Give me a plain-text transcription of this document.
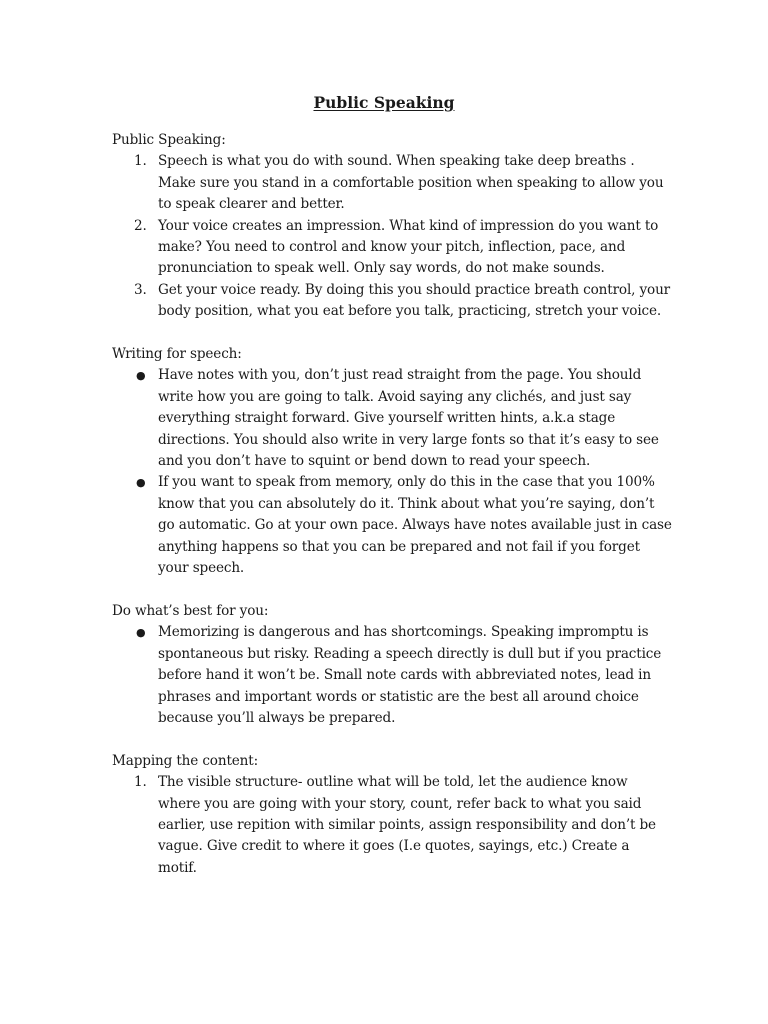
Public Speaking

Public Speaking:

1. Speech is what you do with sound. When speaking take deep breaths . Make sure you stand in a comfortable position when speaking to allow you to speak clearer and better.
2. Your voice creates an impression. What kind of impression do you want to make? You need to control and know your pitch, inflection, pace, and pronunciation to speak well. Only say words, do not make sounds.
3. Get your voice ready. By doing this you should practice breath control, your body position, what you eat before you talk, practicing, stretch your voice.

Writing for speech:

● Have notes with you, don’t just read straight from the page. You should write how you are going to talk. Avoid saying any clichés, and just say everything straight forward. Give yourself written hints, a.k.a stage directions. You should also write in very large fonts so that it’s easy to see and you don’t have to squint or bend down to read your speech.
● If you want to speak from memory, only do this in the case that you 100% know that you can absolutely do it. Think about what you’re saying, don’t go automatic. Go at your own pace. Always have notes available just in case anything happens so that you can be prepared and not fail if you forget your speech.

Do what’s best for you:

● Memorizing is dangerous and has shortcomings. Speaking impromptu is spontaneous but risky. Reading a speech directly is dull but if you practice before hand it won’t be. Small note cards with abbreviated notes, lead in phrases and important words or statistic are the best all around choice because you’ll always be prepared.

Mapping the content:

1. The visible structure- outline what will be told, let the audience know where you are going with your story, count, refer back to what you said earlier, use repition with similar points, assign responsibility and don’t be vague. Give credit to where it goes (I.e quotes, sayings, etc.) Create a motif.
